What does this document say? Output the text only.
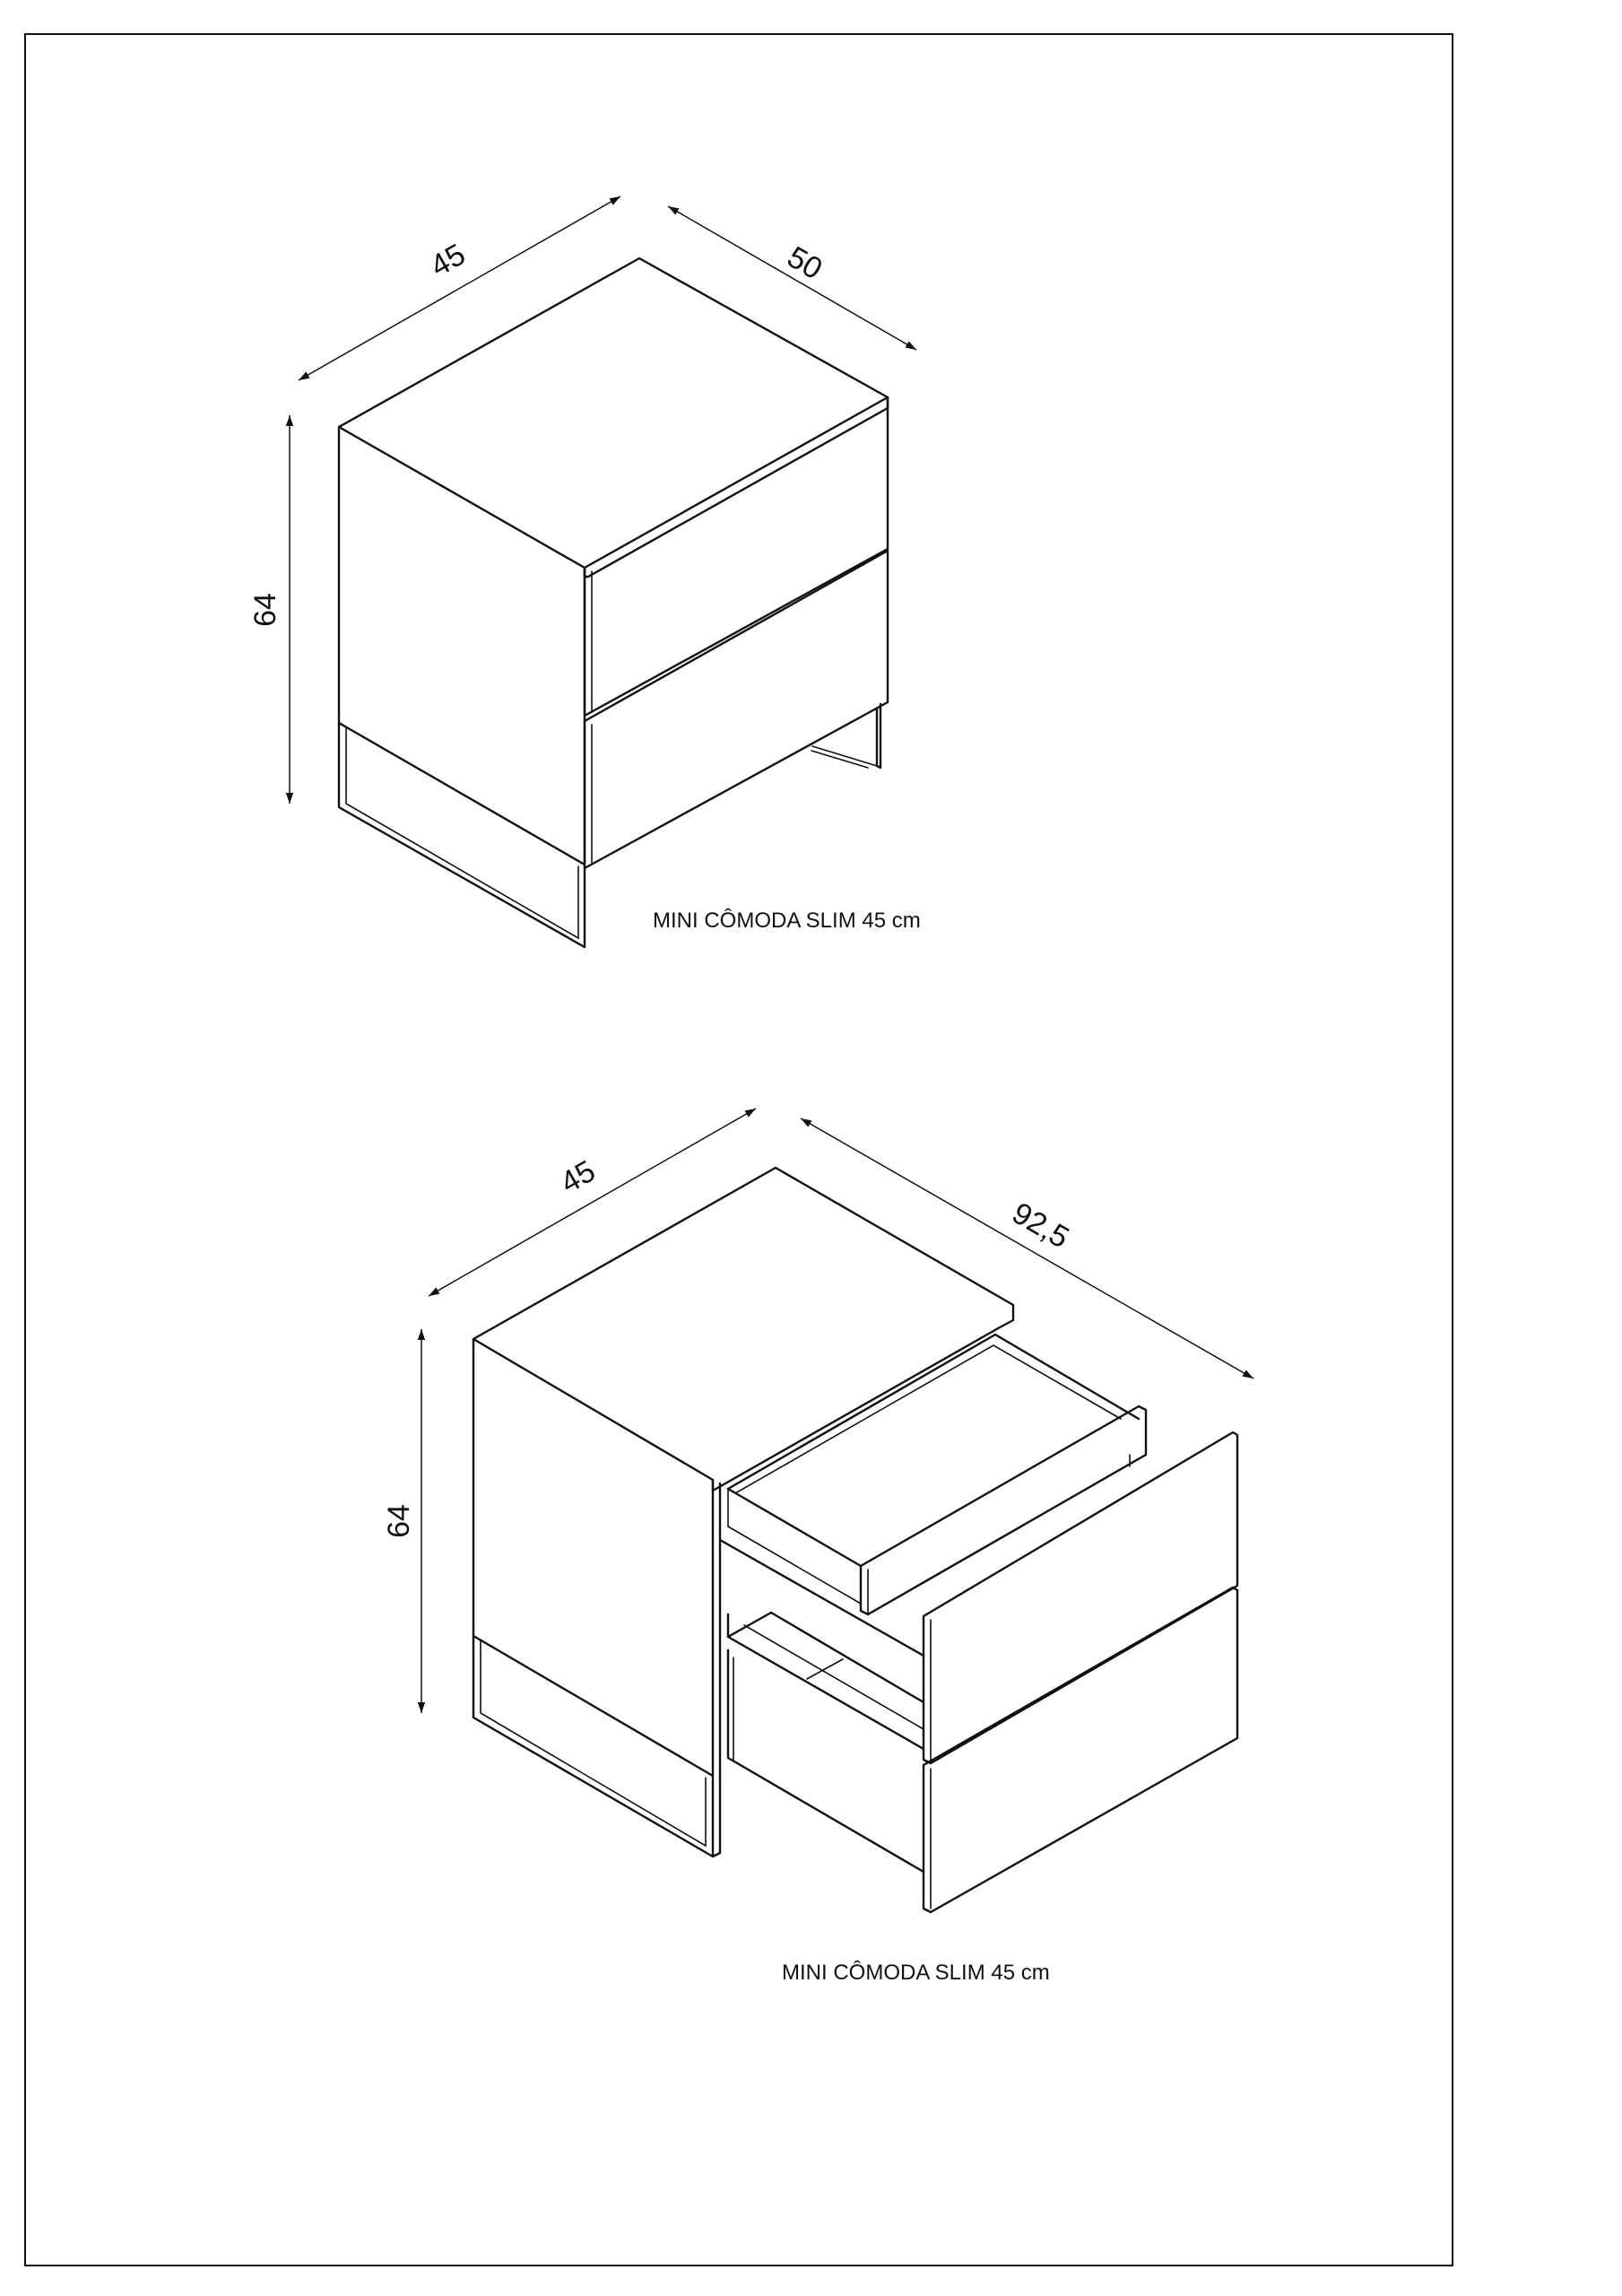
45	50
64
MINI CÔMODA SLIM 45 cm
45
92,5
64
MINI CÔMODA SLIM 45 cm
